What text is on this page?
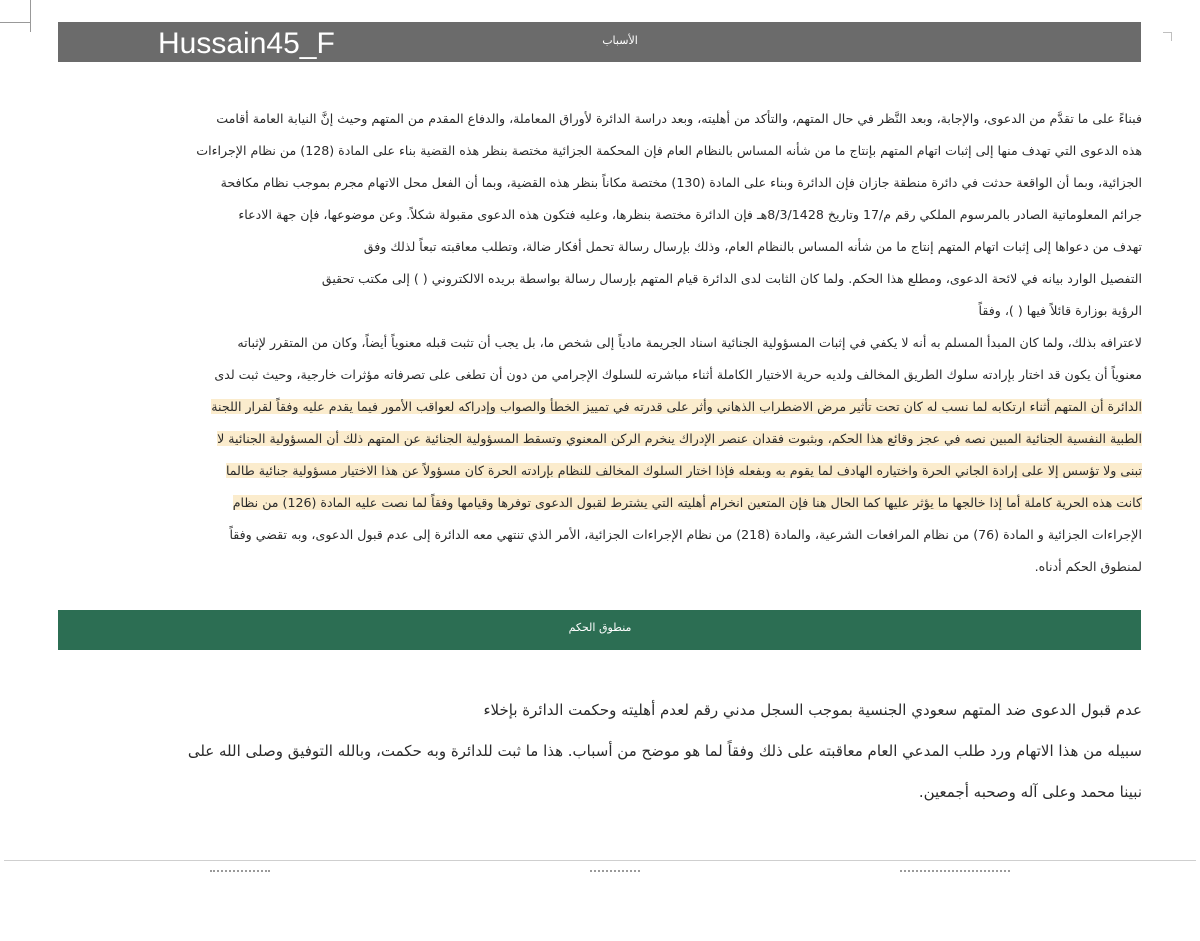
Hussain45_F	الأسباب
فبناءً على ما تقدَّم من الدعوى، والإجابة، وبعد النَّظر في حال المتهم، والتأكد من أهليته، وبعد دراسة الدائرة لأوراق المعاملة، والدفاع المقدم من المتهم وحيث إنَّ النيابة العامة أقامت
هذه الدعوى التي تهدف منها إلى إثبات اتهام المتهم بإنتاج ما من شأنه المساس بالنظام العام فإن المحكمة الجزائية مختصة بنظر هذه القضية بناء على المادة (128) من نظام الإجراءات
الجزائية، وبما أن الواقعة حدثت في دائرة منطقة جازان فإن الدائرة وبناء على المادة (130) مختصة مكاناً بنظر هذه القضية، وبما أن الفعل محل الاتهام مجرم بموجب نظام مكافحة
جرائم المعلوماتية الصادر بالمرسوم الملكي رقم م/17 وتاريخ 8/3/1428هـ فإن الدائرة مختصة بنظرها، وعليه فتكون هذه الدعوى مقبولة شكلاً. وعن موضوعها، فإن جهة الادعاء
تهدف من دعواها إلى إثبات اتهام المتهم إنتاج ما من شأنه المساس بالنظام العام، وذلك بإرسال رسالة تحمل أفكار ضالة، وتطلب معاقبته تبعاً لذلك وفق
التفصيل الوارد بيانه في لائحة الدعوى، ومطلع هذا الحكم. ولما كان الثابت لدى الدائرة قيام المتهم بإرسال رسالة بواسطة بريده الالكتروني ( ) إلى مكتب تحقيق
الرؤية بوزارة قائلاً فيها ( )، وفقاً
لاعترافه بذلك، ولما كان المبدأ المسلم به أنه لا يكفي في إثبات المسؤولية الجنائية اسناد الجريمة مادياً إلى شخص ما، بل يجب أن تثبت قبله معنوياً أيضاً، وكان من المتقرر لإثباته
معنوياً أن يكون قد اختار بإرادته سلوك الطريق المخالف ولديه حرية الاختيار الكاملة أثناء مباشرته للسلوك الإجرامي من دون أن تطغى على تصرفاته مؤثرات خارجية، وحيث ثبت لدى
الدائرة أن المتهم أثناء ارتكابه لما نسب له كان تحت تأثير مرض الاضطراب الذهاني وأثر على قدرته في تمييز الخطأ والصواب وإدراكه لعواقب الأمور فيما يقدم عليه وفقاً لقرار اللجنة
الطبية النفسية الجنائية المبين نصه في عجز وقائع هذا الحكم، وبثبوت فقدان عنصر الإدراك ينخرم الركن المعنوي وتسقط المسؤولية الجنائية عن المتهم ذلك أن المسؤولية الجنائية لا
تبنى ولا تؤسس إلا على إرادة الجاني الحرة واختياره الهادف لما يقوم به وبفعله فإذا اختار السلوك المخالف للنظام بإرادته الحرة كان مسؤولاً عن هذا الاختيار مسؤولية جنائية طالما
كانت هذه الحرية كاملة أما إذا خالجها ما يؤثر عليها كما الحال هنا فإن المتعين انخرام أهليته التي يشترط لقبول الدعوى توفرها وقيامها وفقاً لما نصت عليه المادة (126) من نظام
الإجراءات الجزائية و المادة (76) من نظام المرافعات الشرعية، والمادة (218) من نظام الإجراءات الجزائية، الأمر الذي تنتهي معه الدائرة إلى عدم قبول الدعوى، وبه تقضي وفقاً
لمنطوق الحكم أدناه.
منطوق الحكم
عدم قبول الدعوى ضد المتهم سعودي الجنسية بموجب السجل مدني رقم لعدم أهليته وحكمت الدائرة بإخلاء
سبيله من هذا الاتهام ورد طلب المدعي العام معاقبته على ذلك وفقاً لما هو موضح من أسباب. هذا ما ثبت للدائرة وبه حكمت، وبالله التوفيق وصلى الله على
نبينا محمد وعلى آله وصحبه أجمعين.
